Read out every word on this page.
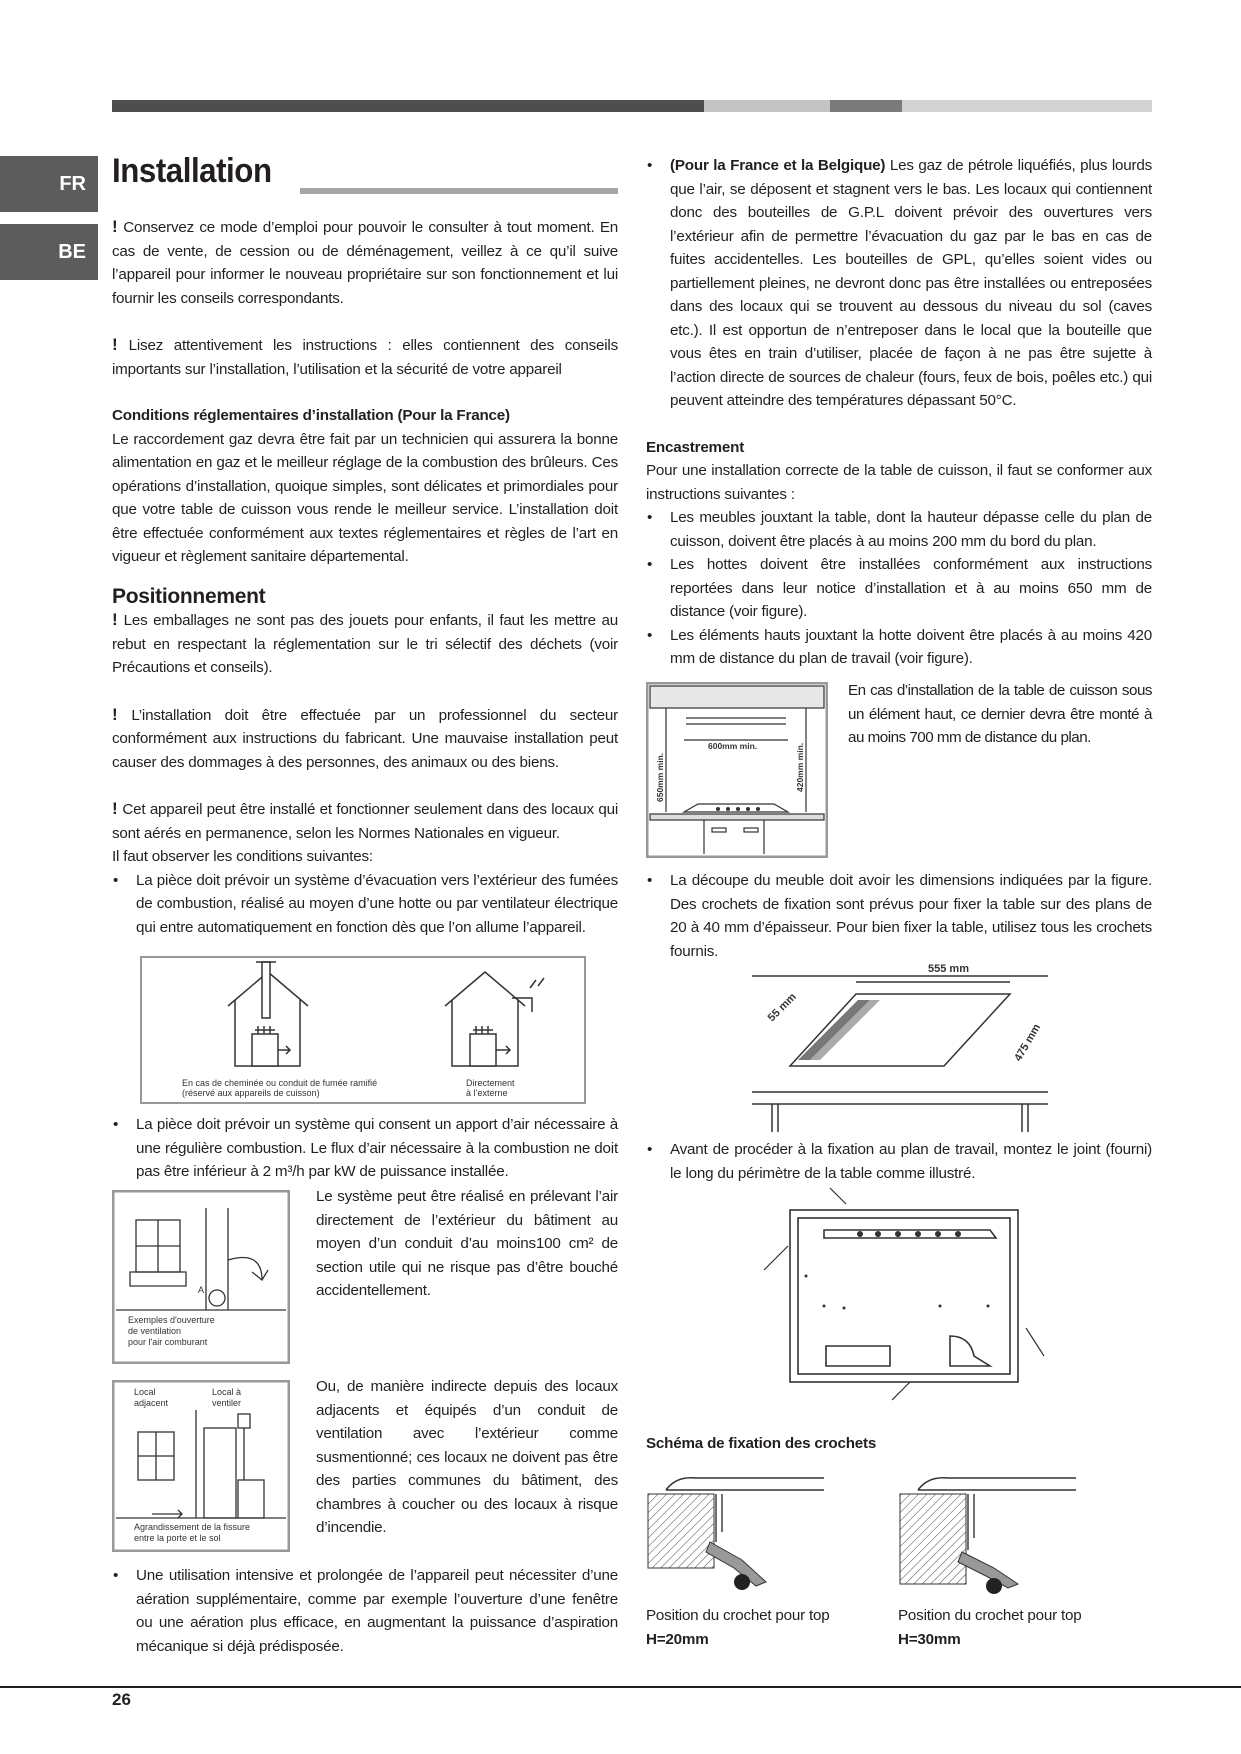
FR
BE
Installation

! Conservez ce mode d’emploi pour pouvoir le consulter à tout moment. En cas de vente, de cession ou de déménagement, veillez à ce qu’il suive l’appareil pour informer le nouveau propriétaire sur son fonctionnement et lui fournir les conseils correspondants.

! Lisez attentivement les instructions : elles contiennent des conseils importants sur l’installation, l’utilisation et la sécurité de votre appareil

Conditions réglementaires d’installation (Pour la France)

Le raccordement gaz devra être fait par un technicien qui assurera la bonne alimentation en gaz et le meilleur réglage de la combustion des brûleurs. Ces opérations d’installation, quoique simples, sont délicates et primordiales pour que votre table de cuisson vous rende le meilleur service. L’installation doit être effectuée conformément aux textes réglementaires et règles de l’art en vigueur et règlement sanitaire départemental.

Positionnement

! Les emballages ne sont pas des jouets pour enfants, il faut les mettre au rebut en respectant la réglementation sur le tri sélectif des déchets (voir Précautions et conseils).

! L’installation doit être effectuée par un professionnel du secteur conformément aux instructions du fabricant. Une mauvaise installation peut causer des dommages à des personnes, des animaux ou des biens.

! Cet appareil peut être installé et fonctionner seulement dans des locaux qui sont aérés en permanence, selon les Normes Nationales en vigueur.

Il faut observer les conditions suivantes:

• La pièce doit prévoir un système d’évacuation vers l’extérieur des fumées de combustion, réalisé au moyen d’une hotte ou par ventilateur électrique qui entre automatiquement en fonction dès que l’on allume l’appareil.

En cas de cheminée ou conduit de fumée ramifié
(réservé aux appareils de cuisson)
Directement
à l’externe

• La pièce doit prévoir un système qui consent un apport d’air nécessaire à une régulière combustion. Le flux d’air nécessaire à la combustion ne doit pas être inférieur à 2 m³/h par kW de puissance installée.

A
Exemples d'ouverture
de ventilation
pour l'air comburant

Le système peut être réalisé en prélevant l’air directement de l’extérieur du bâtiment au moyen d’un conduit d’au moins100 cm² de section utile qui ne risque pas d’être bouché accidentellement.

Local
adjacent
Local à
ventiler
Agrandissement de la fissure
entre la porte et le sol

Ou, de manière indirecte depuis des locaux adjacents et équipés d’un conduit de ventilation avec l’extérieur comme susmentionné; ces locaux ne doivent pas être des parties communes du bâtiment, des chambres à coucher ou des locaux à risque d’incendie.

• Une utilisation intensive et prolongée de l’appareil peut nécessiter d’une aération supplémentaire, comme par exemple l’ouverture d’une fenêtre ou une aération plus efficace, en augmentant la puissance d’aspiration mécanique si déjà prédisposée.

• (Pour la France et la Belgique) Les gaz de pétrole liquéfiés, plus lourds que l’air, se déposent et stagnent vers le bas. Les locaux qui contiennent donc des bouteilles de G.P.L doivent prévoir des ouvertures vers l’extérieur afin de permettre l’évacuation du gaz par le bas en cas de fuites accidentelles. Les bouteilles de GPL, qu’elles soient vides ou partiellement pleines, ne devront donc pas être installées ou entreposées dans des locaux qui se trouvent au dessous du niveau du sol (caves etc.). Il est opportun de n’entreposer dans le local que la bouteille que vous êtes en train d’utiliser, placée de façon à ne pas être sujette à l’action directe de sources de chaleur (fours, feux de bois, poêles etc.) qui peuvent atteindre des températures dépassant 50°C.

Encastrement

Pour une installation correcte de la table de cuisson, il faut se conformer aux instructions suivantes :

• Les meubles jouxtant la table, dont la hauteur dépasse celle du plan de cuisson, doivent être placés à au moins 200 mm du bord du plan.

• Les hottes doivent être installées conformément aux instructions reportées dans leur notice d’installation et à au moins 650 mm de distance (voir figure).

• Les éléments hauts jouxtant la hotte doivent être placés à au moins 420 mm de distance du plan de travail (voir figure).

600mm min.
650mm min.	420mm min.

En cas d’installation de la table de cuisson sous un élément haut, ce dernier devra être monté à au moins 700 mm de distance du plan.

• La découpe du meuble doit avoir les dimensions indiquées par la figure. Des crochets de fixation sont prévus pour fixer la table sur des plans de 20 à 40 mm d’épaisseur. Pour bien fixer la table, utilisez tous les crochets fournis.

555 mm
55 mm
475 mm

• Avant de procéder à la fixation au plan de travail, montez le joint (fourni) le long du périmètre de la table comme illustré.

Schéma de fixation des crochets

Position du crochet pour top

H=20mm

Position du crochet pour top

H=30mm

26
